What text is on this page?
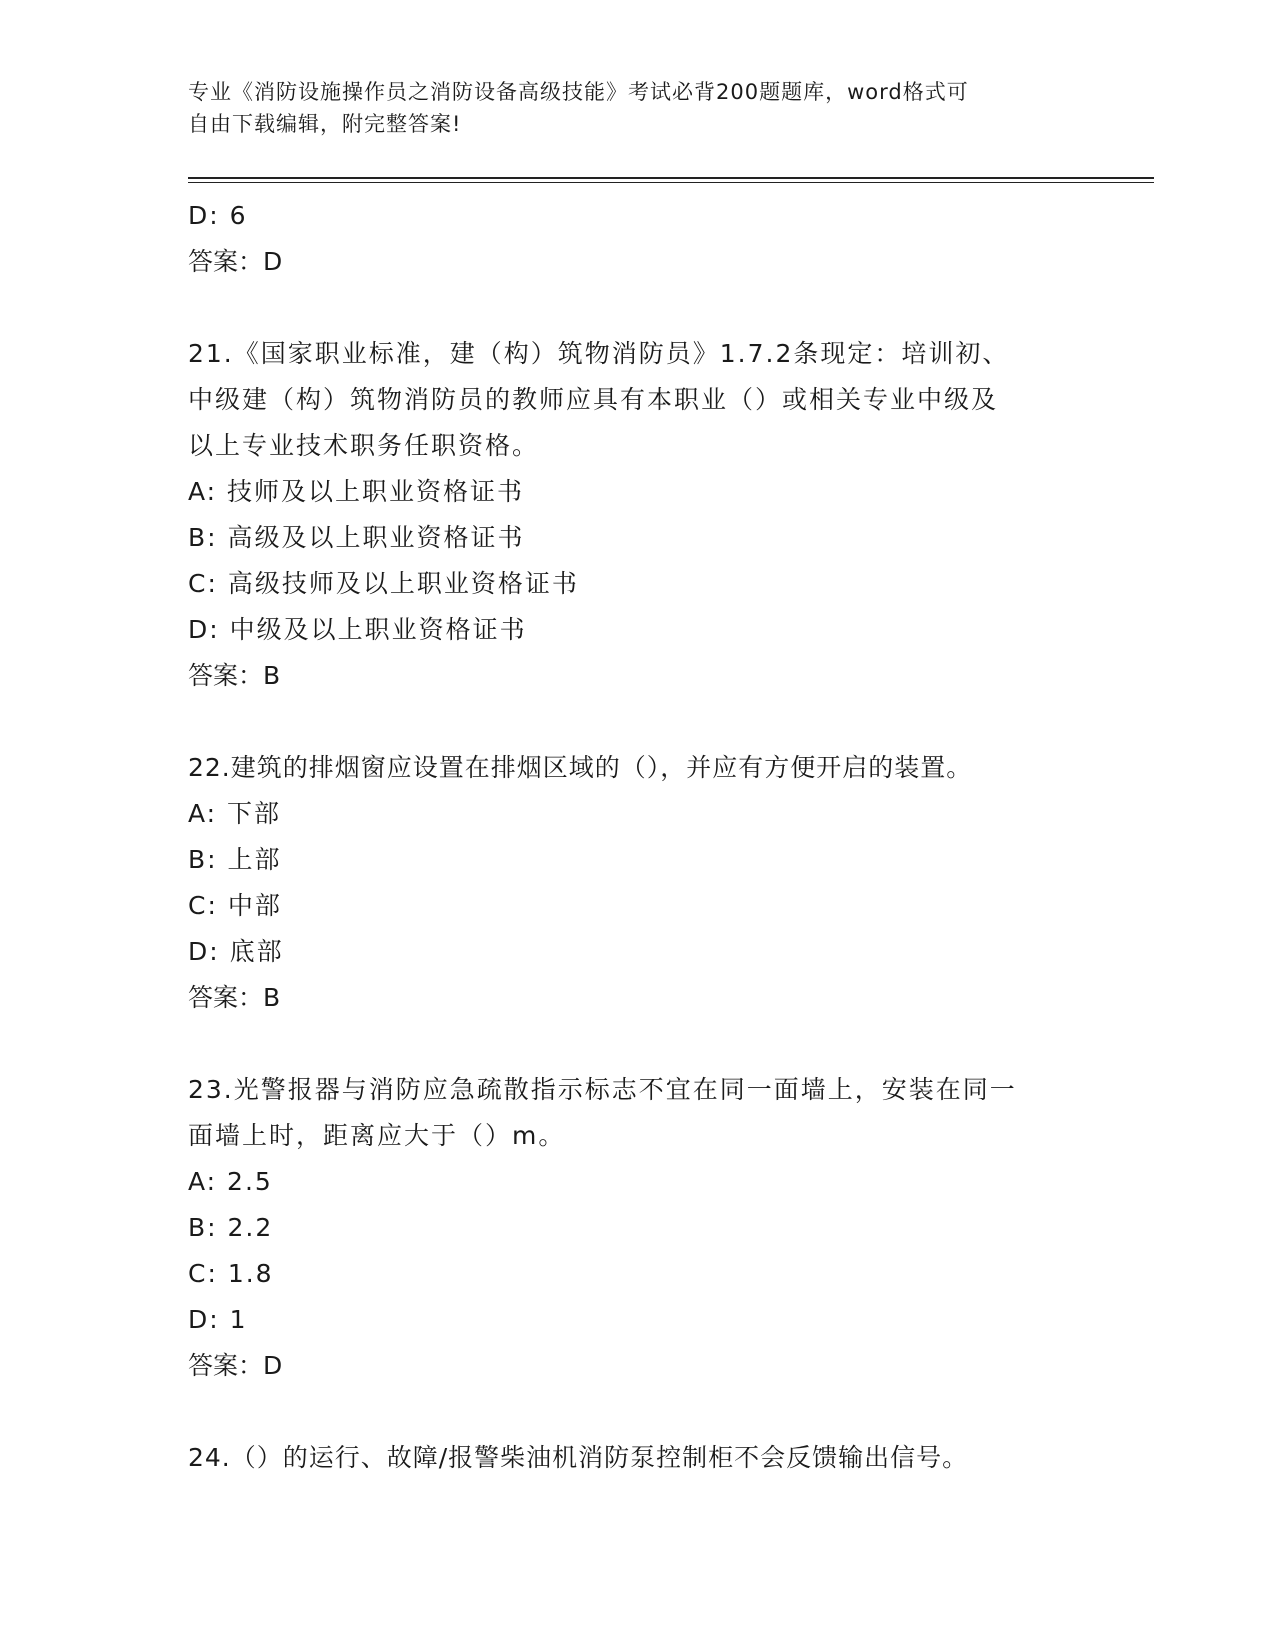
专业《消防设施操作员之消防设备高级技能》考试必背200题题库，word格式可
自由下载编辑，附完整答案!
D: 6
答案：D
21.《国家职业标准，建（构）筑物消防员》1.7.2条现定：培训初、
中级建（构）筑物消防员的教师应具有本职业（）或相关专业中级及
以上专业技术职务任职资格。
A: 技师及以上职业资格证书
B: 高级及以上职业资格证书
C: 高级技师及以上职业资格证书
D: 中级及以上职业资格证书
答案：B
22.建筑的排烟窗应设置在排烟区域的（），并应有方便开启的装置。
A: 下部
B: 上部
C: 中部
D: 底部
答案：B
23.光警报器与消防应急疏散指示标志不宜在同一面墙上，安装在同一
面墙上时，距离应大于（）m。
A: 2.5
B: 2.2
C: 1.8
D: 1
答案：D
24.（）的运行、故障/报警柴油机消防泵控制柜不会反馈输出信号。
